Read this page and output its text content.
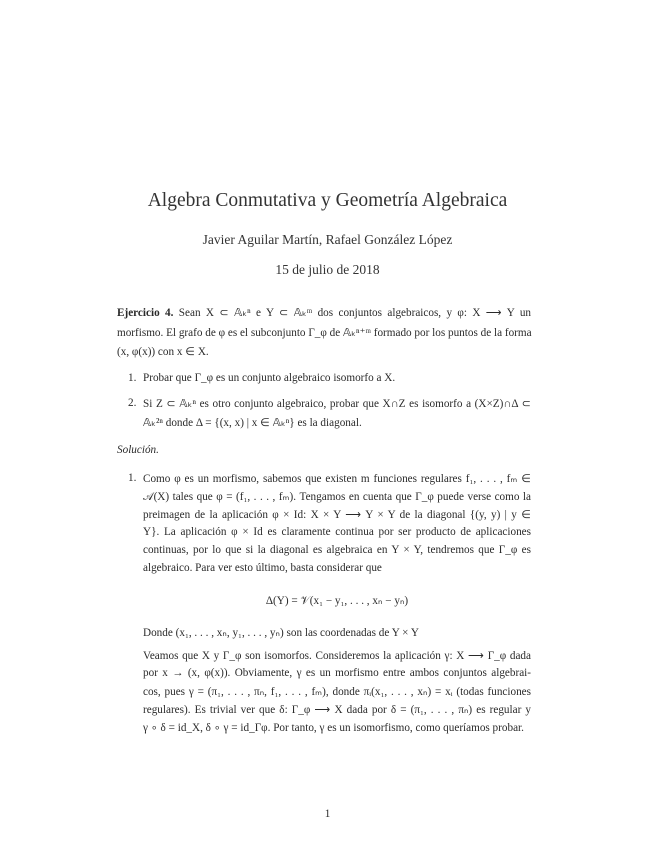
Algebra Conmutativa y Geometría Algebraica
Javier Aguilar Martín, Rafael González López
15 de julio de 2018
Ejercicio 4. Sean X ⊂ 𝔸ₖⁿ e Y ⊂ 𝔸ₖᵐ dos conjuntos algebraicos, y φ: X ⟶ Y un
morfismo. El grafo de φ es el subconjunto Γ_φ de 𝔸ₖⁿ⁺ᵐ formado por los puntos de la forma
(x, φ(x)) con x ∈ X.
1. Probar que Γ_φ es un conjunto algebraico isomorfo a X.
2. Si Z ⊂ 𝔸ₖⁿ es otro conjunto algebraico, probar que X∩Z es isomorfo a (X×Z)∩Δ ⊂
𝔸ₖ²ⁿ donde Δ = {(x, x) | x ∈ 𝔸ₖⁿ} es la diagonal.
Solución.
1. Como φ es un morfismo, sabemos que existen m funciones regulares f₁, . . . , fₘ ∈
𝒜(X) tales que φ = (f₁, . . . , fₘ). Tengamos en cuenta que Γ_φ puede verse como la
preimagen de la aplicación φ × Id: X × Y ⟶ Y × Y de la diagonal {(y, y) | y ∈
Y}. La aplicación φ × Id es claramente continua por ser producto de aplicaciones
continuas, por lo que si la diagonal es algebraica en Y × Y, tendremos que Γ_φ es
algebraico. Para ver esto último, basta considerar que
Δ(Y) = 𝒱(x₁ − y₁, . . . , xₙ − yₙ)
Donde (x₁, . . . , xₙ, y₁, . . . , yₙ) son las coordenadas de Y × Y
Veamos que X y Γ_φ son isomorfos. Consideremos la aplicación γ: X ⟶ Γ_φ dada
por x → (x, φ(x)). Obviamente, γ es un morfismo entre ambos conjuntos algebrai-
cos, pues γ = (π₁, . . . , πₙ, f₁, . . . , fₘ), donde πᵢ(x₁, . . . , xₙ) = xᵢ (todas funciones
regulares). Es trivial ver que δ: Γ_φ ⟶ X dada por δ = (π₁, . . . , πₙ) es regular y
γ ∘ δ = id_X, δ ∘ γ = id_Γφ. Por tanto, γ es un isomorfismo, como queríamos probar.
1
